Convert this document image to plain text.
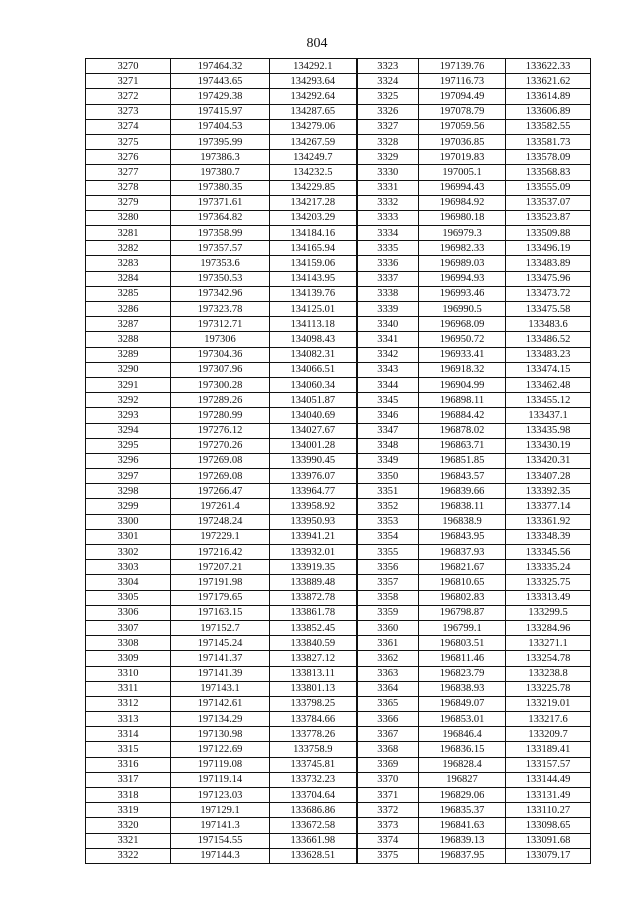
804
3270	197464.32	134292.1	3323	197139.76	133622.33
3271	197443.65	134293.64	3324	197116.73	133621.62
3272	197429.38	134292.64	3325	197094.49	133614.89
3273	197415.97	134287.65	3326	197078.79	133606.89
3274	197404.53	134279.06	3327	197059.56	133582.55
3275	197395.99	134267.59	3328	197036.85	133581.73
3276	197386.3	134249.7	3329	197019.83	133578.09
3277	197380.7	134232.5	3330	197005.1	133568.83
3278	197380.35	134229.85	3331	196994.43	133555.09
3279	197371.61	134217.28	3332	196984.92	133537.07
3280	197364.82	134203.29	3333	196980.18	133523.87
3281	197358.99	134184.16	3334	196979.3	133509.88
3282	197357.57	134165.94	3335	196982.33	133496.19
3283	197353.6	134159.06	3336	196989.03	133483.89
3284	197350.53	134143.95	3337	196994.93	133475.96
3285	197342.96	134139.76	3338	196993.46	133473.72
3286	197323.78	134125.01	3339	196990.5	133475.58
3287	197312.71	134113.18	3340	196968.09	133483.6
3288	197306	134098.43	3341	196950.72	133486.52
3289	197304.36	134082.31	3342	196933.41	133483.23
3290	197307.96	134066.51	3343	196918.32	133474.15
3291	197300.28	134060.34	3344	196904.99	133462.48
3292	197289.26	134051.87	3345	196898.11	133455.12
3293	197280.99	134040.69	3346	196884.42	133437.1
3294	197276.12	134027.67	3347	196878.02	133435.98
3295	197270.26	134001.28	3348	196863.71	133430.19
3296	197269.08	133990.45	3349	196851.85	133420.31
3297	197269.08	133976.07	3350	196843.57	133407.28
3298	197266.47	133964.77	3351	196839.66	133392.35
3299	197261.4	133958.92	3352	196838.11	133377.14
3300	197248.24	133950.93	3353	196838.9	133361.92
3301	197229.1	133941.21	3354	196843.95	133348.39
3302	197216.42	133932.01	3355	196837.93	133345.56
3303	197207.21	133919.35	3356	196821.67	133335.24
3304	197191.98	133889.48	3357	196810.65	133325.75
3305	197179.65	133872.78	3358	196802.83	133313.49
3306	197163.15	133861.78	3359	196798.87	133299.5
3307	197152.7	133852.45	3360	196799.1	133284.96
3308	197145.24	133840.59	3361	196803.51	133271.1
3309	197141.37	133827.12	3362	196811.46	133254.78
3310	197141.39	133813.11	3363	196823.79	133238.8
3311	197143.1	133801.13	3364	196838.93	133225.78
3312	197142.61	133798.25	3365	196849.07	133219.01
3313	197134.29	133784.66	3366	196853.01	133217.6
3314	197130.98	133778.26	3367	196846.4	133209.7
3315	197122.69	133758.9	3368	196836.15	133189.41
3316	197119.08	133745.81	3369	196828.4	133157.57
3317	197119.14	133732.23	3370	196827	133144.49
3318	197123.03	133704.64	3371	196829.06	133131.49
3319	197129.1	133686.86	3372	196835.37	133110.27
3320	197141.3	133672.58	3373	196841.63	133098.65
3321	197154.55	133661.98	3374	196839.13	133091.68
3322	197144.3	133628.51	3375	196837.95	133079.17
